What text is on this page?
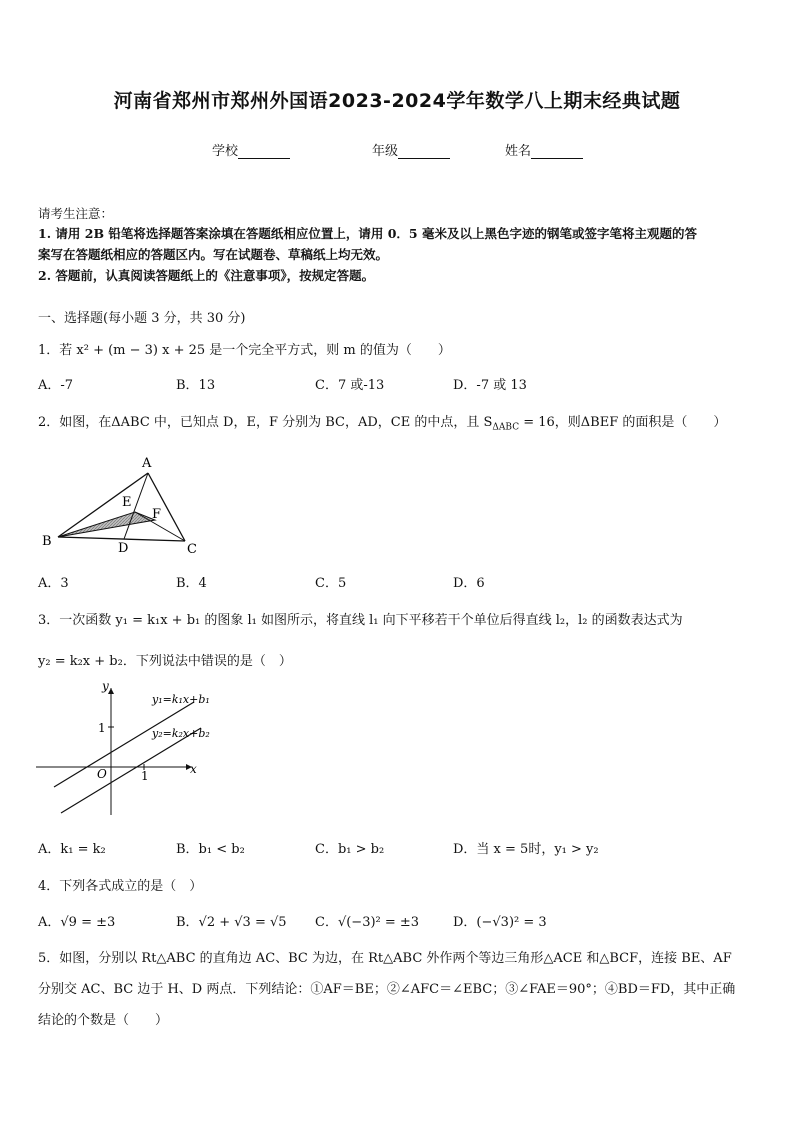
河南省郑州市郑州外国语2023-2024学年数学八上期末经典试题
学校	年级	姓名
请考生注意：
1. 请用 2B 铅笔将选择题答案涂填在答题纸相应位置上，请用 0．5 毫米及以上黑色字迹的钢笔或签字笔将主观题的答
案写在答题纸相应的答题区内。写在试题卷、草稿纸上均无效。
2. 答题前，认真阅读答题纸上的《注意事项》，按规定答题。
一、选择题(每小题 3 分，共 30 分)
1．若 x² + (m − 3) x + 25 是一个完全平方式，则 m 的值为（　　）
A．-7	B．13	C．7 或-13	D．-7 或 13
2．如图，在ΔABC 中，已知点 D，E，F 分别为 BC，AD，CE 的中点，且 $S_{\Delta ABC} = 16$，则ΔBEF 的面积是（　　）
A
B
C
D
E
F
A．3	B．4	C．5	D．6
3．一次函数 y₁ = k₁x + b₁ 的图象 l₁ 如图所示，将直线 l₁ 向下平移若干个单位后得直线 l₂，l₂ 的函数表达式为
y₂ = k₂x + b₂．下列说法中错误的是（　）
x
y
O	1
1
y₁=k₁x+b₁
y₂=k₂x+b₂
A．k₁ = k₂	B．b₁ < b₂	C．b₁ > b₂	D．当 x = 5时，y₁ > y₂
4．下列各式成立的是（　）
A．√9 = ±3	B．√2 + √3 = √5 C．√(−3)² = ±3	D．(−√3)² = 3
5．如图，分别以 Rt△ABC 的直角边 AC、BC 为边，在 Rt△ABC 外作两个等边三角形△ACE 和△BCF，连接 BE、AF
分别交 AC、BC 边于 H、D 两点．下列结论：①AF＝BE；②∠AFC＝∠EBC；③∠FAE＝90°；④BD＝FD，其中正确
结论的个数是（　　）
